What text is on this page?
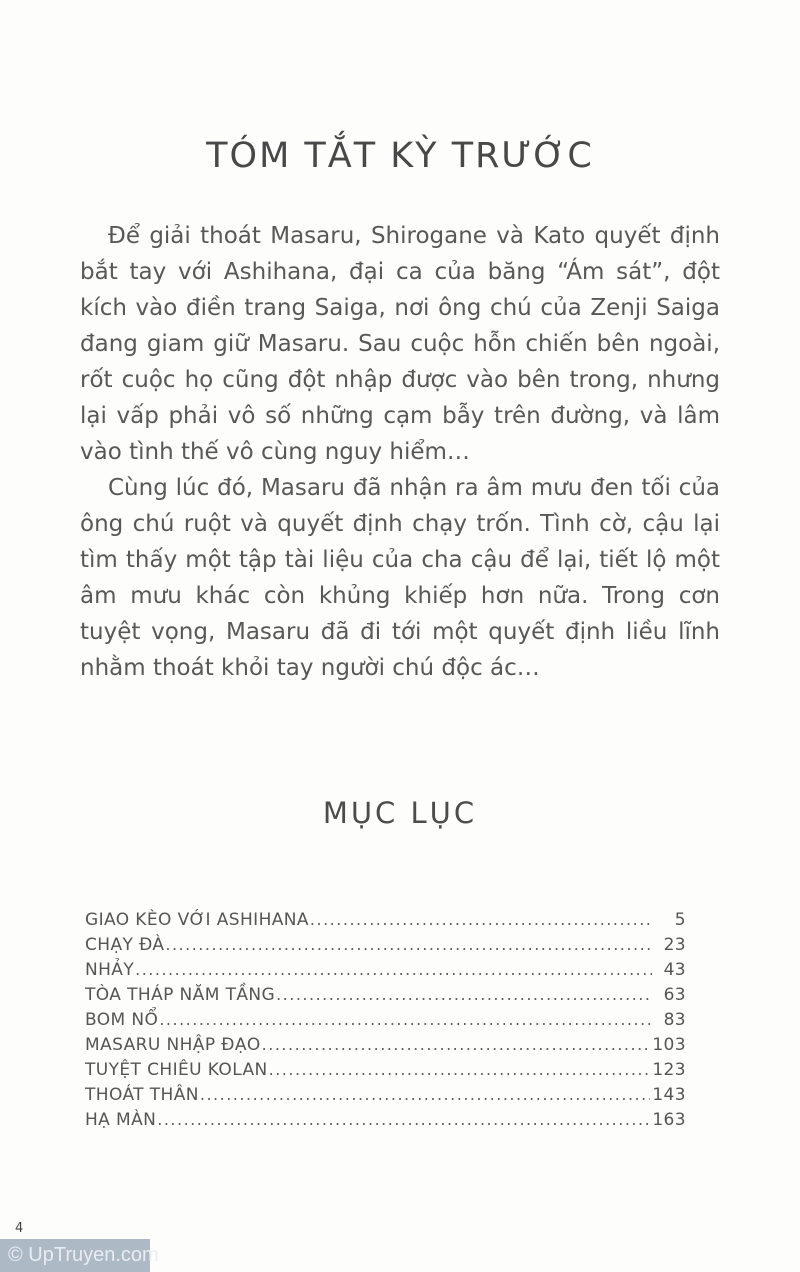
TÓM TẮT KỲ TRƯỚC

Để giải thoát Masaru, Shirogane và Kato quyết định bắt tay với Ashihana, đại ca của băng “Ám sát”, đột kích vào điền trang Saiga, nơi ông chú của Zenji Saiga đang giam giữ Masaru. Sau cuộc hỗn chiến bên ngoài, rốt cuộc họ cũng đột nhập được vào bên trong, nhưng lại vấp phải vô số những cạm bẫy trên đường, và lâm vào tình thế vô cùng nguy hiểm…

Cùng lúc đó, Masaru đã nhận ra âm mưu đen tối của ông chú ruột và quyết định chạy trốn. Tình cờ, cậu lại tìm thấy một tập tài liệu của cha cậu để lại, tiết lộ một âm mưu khác còn khủng khiếp hơn nữa. Trong cơn tuyệt vọng, Masaru đã đi tới một quyết định liều lĩnh nhằm thoát khỏi tay người chú độc ác…

MỤC LỤC
GIAO KÈO VỚI ASHIHANA .....	5
CHẠY ĐÀ .....	23
NHẢY .....	43
TÒA THÁP NĂM TẦNG .....	63
BOM NỔ .....	83
MASARU NHẬP ĐẠO .....	103
TUYỆT CHIÊU KOLAN .....	123
THOÁT THÂN .....	143
HẠ MÀN .....	163
4
© UpTruyen.com
